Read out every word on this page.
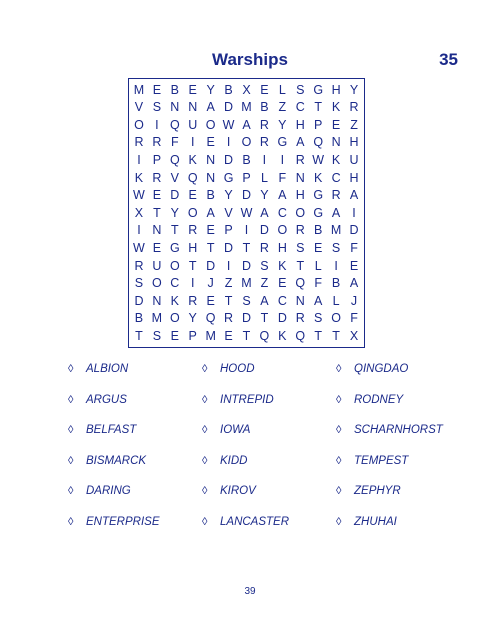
Warships	35
M E B E Y B X E L S G H Y
V S N N A D M B Z C T K R
O I Q U O W A R Y H P E Z
R R F I E I O R G A Q N H
I P Q K N D B I	I R W K U
K R V Q N G P L F N K C H
W E D E B Y D Y A H G R A
X T Y O A V W A C O G A I
I N T R E P I D O R B M D
W E G H T D T R H S E S F
R U O T D I D S K T L	I E
S O C I	J Z M Z E Q F B A
D N K R E T S A C N A L J
B M O Y Q R D T D R S O F
T S E P M E T Q K Q T T X
◊	ALBION	◊	HOOD	◊	QINGDAO
◊	ARGUS	◊	INTREPID	◊	RODNEY
◊	BELFAST	◊	IOWA	◊	SCHARNHORST
◊	BISMARCK	◊	KIDD	◊	TEMPEST
◊	DARING	◊	KIROV	◊	ZEPHYR
◊	ENTERPRISE	◊	LANCASTER	◊	ZHUHAI
39
